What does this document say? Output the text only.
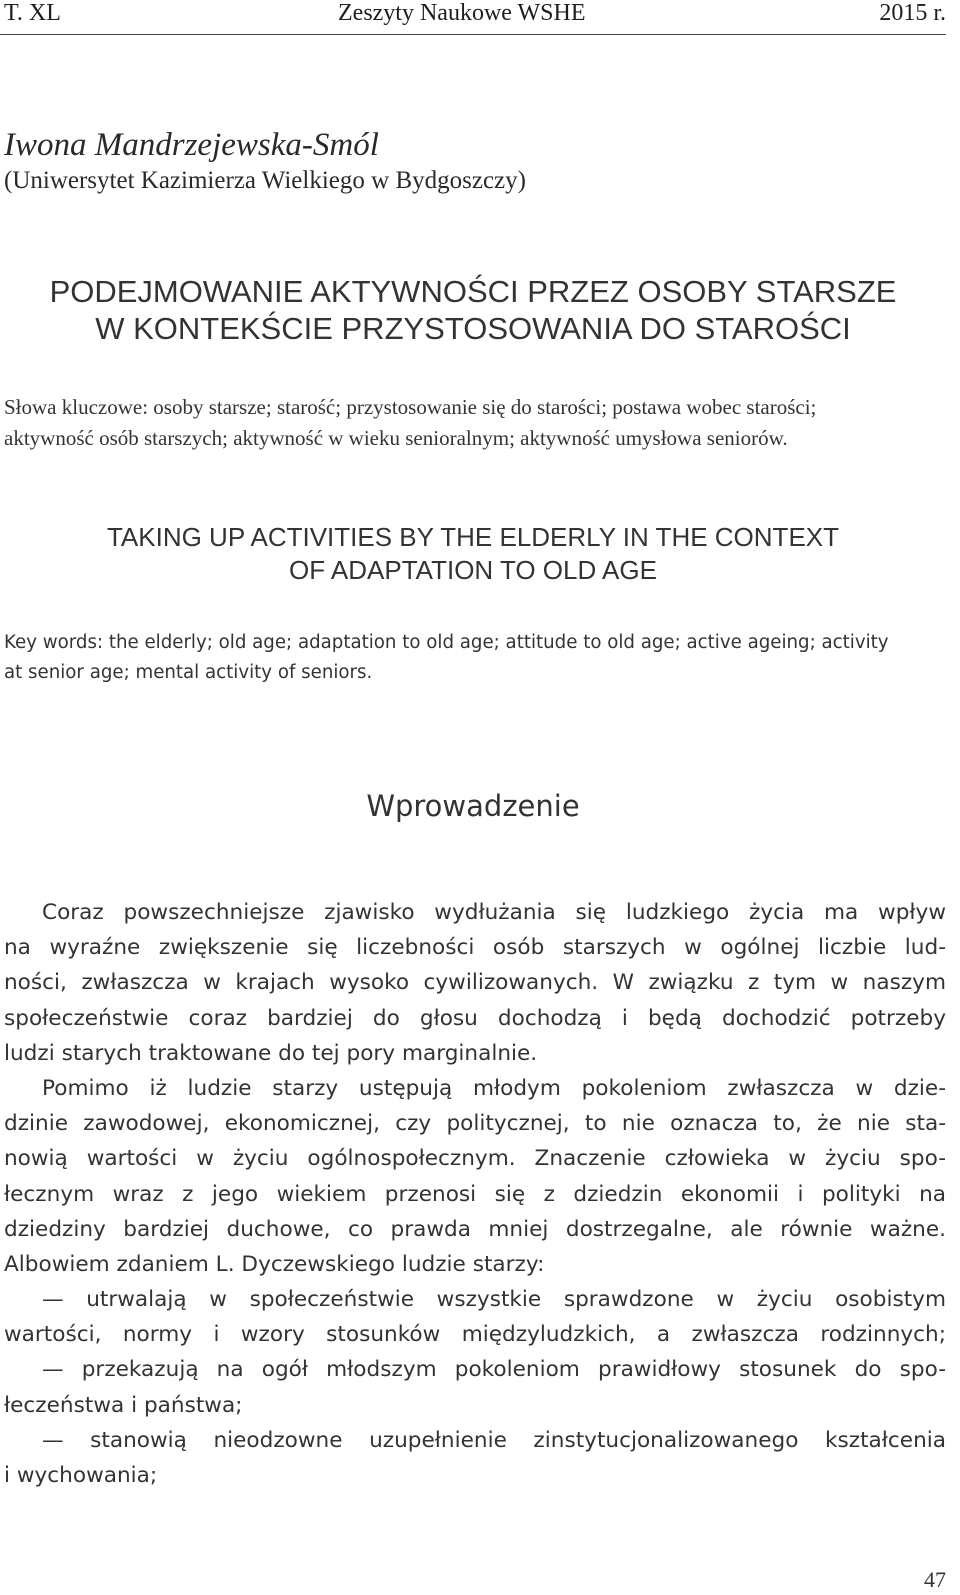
T. XL	Zeszyty Naukowe WSHE	2015 r.
Iwona Mandrzejewska-Smól
(Uniwersytet Kazimierza Wielkiego w Bydgoszczy)
PODEJMOWANIE AKTYWNOŚCI PRZEZ OSOBY STARSZE
W KONTEKŚCIE PRZYSTOSOWANIA DO STAROŚCI
Słowa kluczowe: osoby starsze; starość; przystosowanie się do starości; postawa wobec starości;
aktywność osób starszych; aktywność w wieku senioralnym; aktywność umysłowa seniorów.
TAKING UP ACTIVITIES BY THE ELDERLY IN THE CONTEXT
OF ADAPTATION TO OLD AGE
Key words: the elderly; old age; adaptation to old age; attitude to old age; active ageing; activity
at senior age; mental activity of seniors.
Wprowadzenie
Coraz powszechniejsze zjawisko wydłużania się ludzkiego życia ma wpływ
na wyraźne zwiększenie się liczebności osób starszych w ogólnej liczbie lud-
ności, zwłaszcza w krajach wysoko cywilizowanych. W związku z tym w naszym
społeczeństwie coraz bardziej do głosu dochodzą i będą dochodzić potrzeby
ludzi starych traktowane do tej pory marginalnie.
Pomimo iż ludzie starzy ustępują młodym pokoleniom zwłaszcza w dzie-
dzinie zawodowej, ekonomicznej, czy politycznej, to nie oznacza to, że nie sta-
nowią wartości w życiu ogólnospołecznym. Znaczenie człowieka w życiu spo-
łecznym wraz z jego wiekiem przenosi się z dziedzin ekonomii i polityki na
dziedziny bardziej duchowe, co prawda mniej dostrzegalne, ale równie ważne.
Albowiem zdaniem L. Dyczewskiego ludzie starzy:
— utrwalają w społeczeństwie wszystkie sprawdzone w życiu osobistym
wartości, normy i wzory stosunków międzyludzkich, a zwłaszcza rodzinnych;
— przekazują na ogół młodszym pokoleniom prawidłowy stosunek do spo-
łeczeństwa i państwa;
— stanowią nieodzowne uzupełnienie zinstytucjonalizowanego kształcenia
i wychowania;
47
